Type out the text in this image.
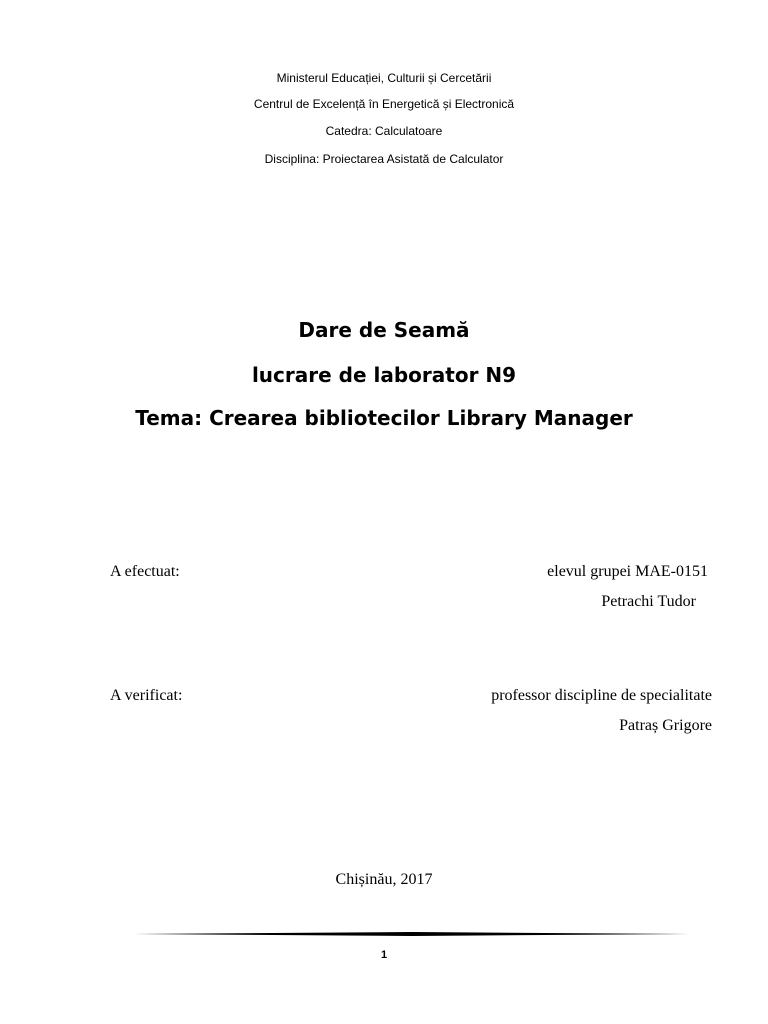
Ministerul Educației, Culturii și Cercetării
Centrul de Excelență în Energetică și Electronică
Catedra: Calculatoare
Disciplina: Proiectarea Asistată de Calculator
Dare de Seamă
lucrare de laborator N9
Tema: Crearea bibliotecilor Library Manager
A efectuat:	elevul grupei MAE-0151
Petrachi Tudor
A verificat:	professor discipline de specialitate
Patraș Grigore
Chișinău, 2017
1
